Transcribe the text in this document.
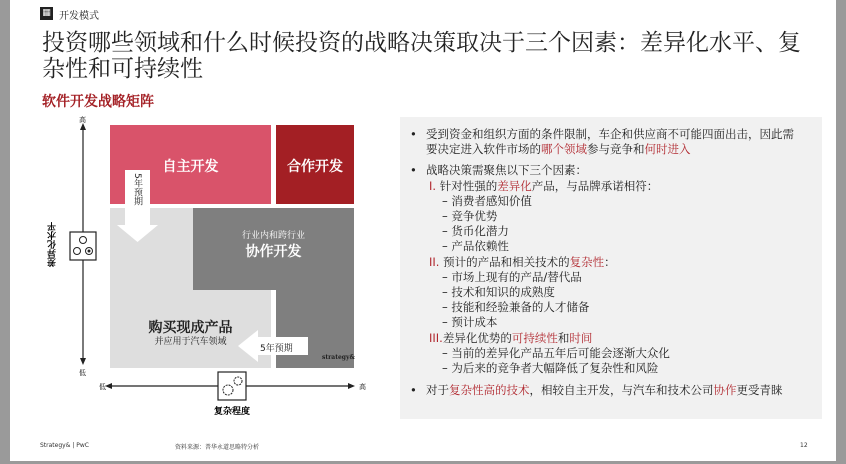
▦ 开发模式
投资哪些领域和什么时候投资的战略决策取决于三个因素：差异化水平、复杂性和可持续性
软件开发战略矩阵
自主开发	合作开发
行业内和跨行业
协作开发
购买现成产品
并应用于汽车领域
5年预期
5年预期
strategy&
高
低
差异化水平
低	高
复杂程度
• 受到资金和组织方面的条件限制，车企和供应商不可能四面出击，因此需要决定进入软件市场的哪个领域参与竞争和何时进入
• 战略决策需聚焦以下三个因素：
I. 针对性强的差异化产品，与品牌承诺相符：
– 消费者感知价值
– 竞争优势
– 货币化潜力
– 产品依赖性
II. 预计的产品和相关技术的复杂性：
– 市场上现有的产品/替代品
– 技术和知识的成熟度
– 技能和经验兼备的人才储备
– 预计成本
III.差异化优势的可持续性和时间
– 当前的差异化产品五年后可能会逐渐大众化
– 为后来的竞争者大幅降低了复杂性和风险
• 对于复杂性高的技术，相较自主开发，与汽车和技术公司协作更受青睐
Strategy& | PwC	资料来源：普华永道思略特分析	12
